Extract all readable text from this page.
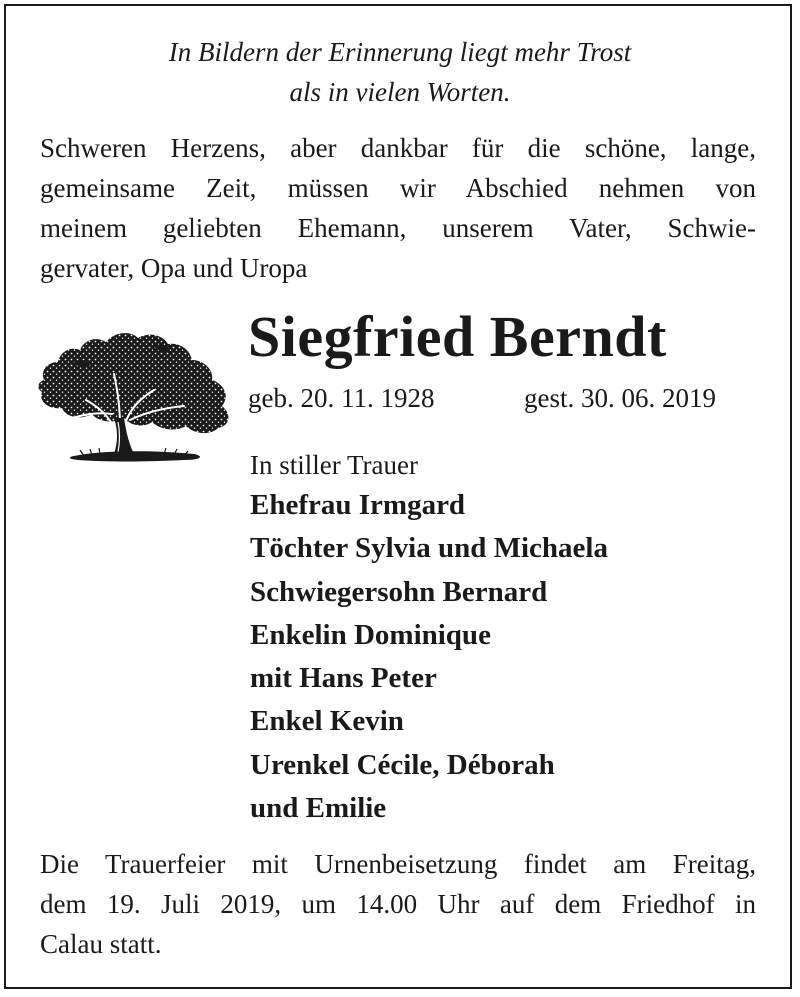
In Bildern der Erinnerung liegt mehr Trost
als in vielen Worten.
Schweren Herzens, aber dankbar für die schöne, lange,
gemeinsame Zeit, müssen wir Abschied nehmen von
meinem geliebten Ehemann, unserem Vater, Schwie-
gervater, Opa und Uropa
Siegfried Berndt
geb. 20. 11. 1928	gest. 30. 06. 2019
In stiller Trauer
Ehefrau Irmgard
Töchter Sylvia und Michaela
Schwiegersohn Bernard
Enkelin Dominique
mit Hans Peter
Enkel Kevin
Urenkel Cécile, Déborah
und Emilie
Die Trauerfeier mit Urnenbeisetzung findet am Freitag,
dem 19. Juli 2019, um 14.00 Uhr auf dem Friedhof in
Calau statt.
